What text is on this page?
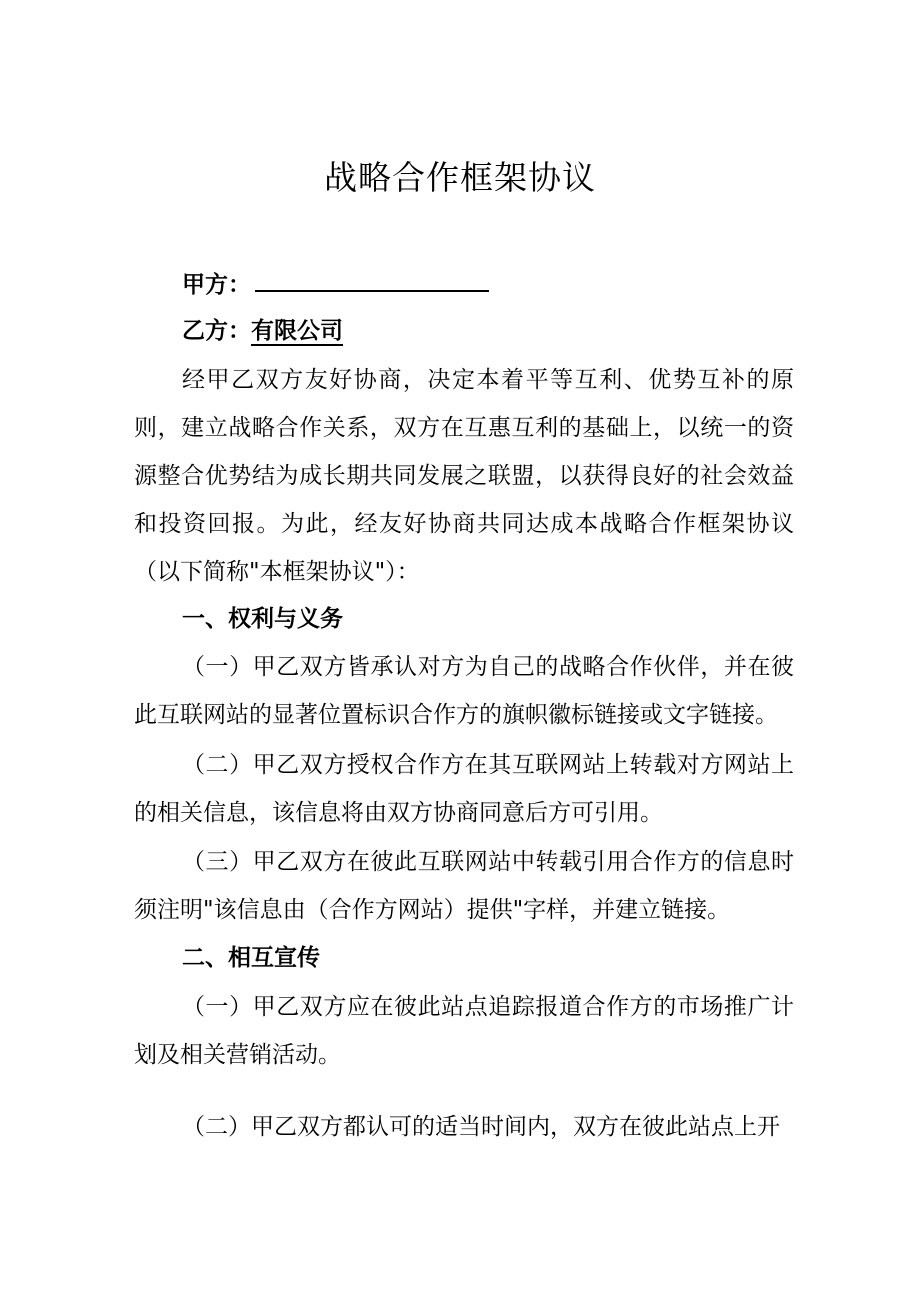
战略合作框架协议
甲方：
乙方：有限公司

经甲乙双方友好协商，决定本着平等互利、优势互补的原则，建立战略合作关系，双方在互惠互利的基础上，以统一的资源整合优势结为成长期共同发展之联盟，以获得良好的社会效益和投资回报。为此，经友好协商共同达成本战略合作框架协议（以下简称"本框架协议"）：

一、权利与义务

（一）甲乙双方皆承认对方为自己的战略合作伙伴，并在彼此互联网站的显著位置标识合作方的旗帜徽标链接或文字链接。

（二）甲乙双方授权合作方在其互联网站上转载对方网站上的相关信息，该信息将由双方协商同意后方可引用。

（三）甲乙双方在彼此互联网站中转载引用合作方的信息时须注明"该信息由（合作方网站）提供"字样，并建立链接。

二、相互宣传

（一）甲乙双方应在彼此站点追踪报道合作方的市场推广计划及相关营销活动。

（二）甲乙双方都认可的适当时间内，双方在彼此站点上开
